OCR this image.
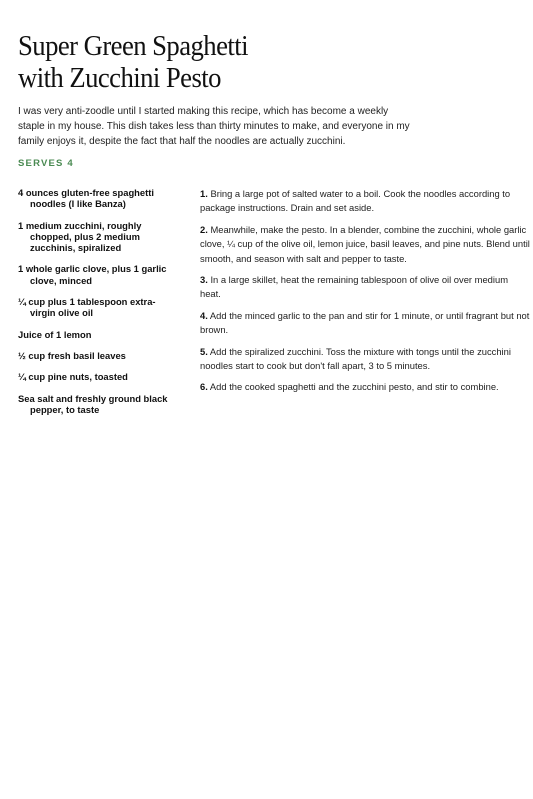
Super Green Spaghetti
with Zucchini Pesto

I was very anti-zoodle until I started making this recipe, which has become a weekly staple in my house. This dish takes less than thirty minutes to make, and everyone in my family enjoys it, despite the fact that half the noodles are actually zucchini.

SERVES 4
4 ounces gluten-free spaghetti noodles (I like Banza)
1 medium zucchini, roughly chopped, plus 2 medium zucchinis, spiralized
1 whole garlic clove, plus 1 garlic clove, minced
¼ cup plus 1 tablespoon extra-virgin olive oil
Juice of 1 lemon
½ cup fresh basil leaves
¼ cup pine nuts, toasted
Sea salt and freshly ground black pepper, to taste
1. Bring a large pot of salted water to a boil. Cook the noodles according to package instructions. Drain and set aside.
2. Meanwhile, make the pesto. In a blender, combine the zucchini, whole garlic clove, ¼ cup of the olive oil, lemon juice, basil leaves, and pine nuts. Blend until smooth, and season with salt and pepper to taste.
3. In a large skillet, heat the remaining tablespoon of olive oil over medium heat.
4. Add the minced garlic to the pan and stir for 1 minute, or until fragrant but not brown.
5. Add the spiralized zucchini. Toss the mixture with tongs until the zucchini noodles start to cook but don't fall apart, 3 to 5 minutes.
6. Add the cooked spaghetti and the zucchini pesto, and stir to combine.
